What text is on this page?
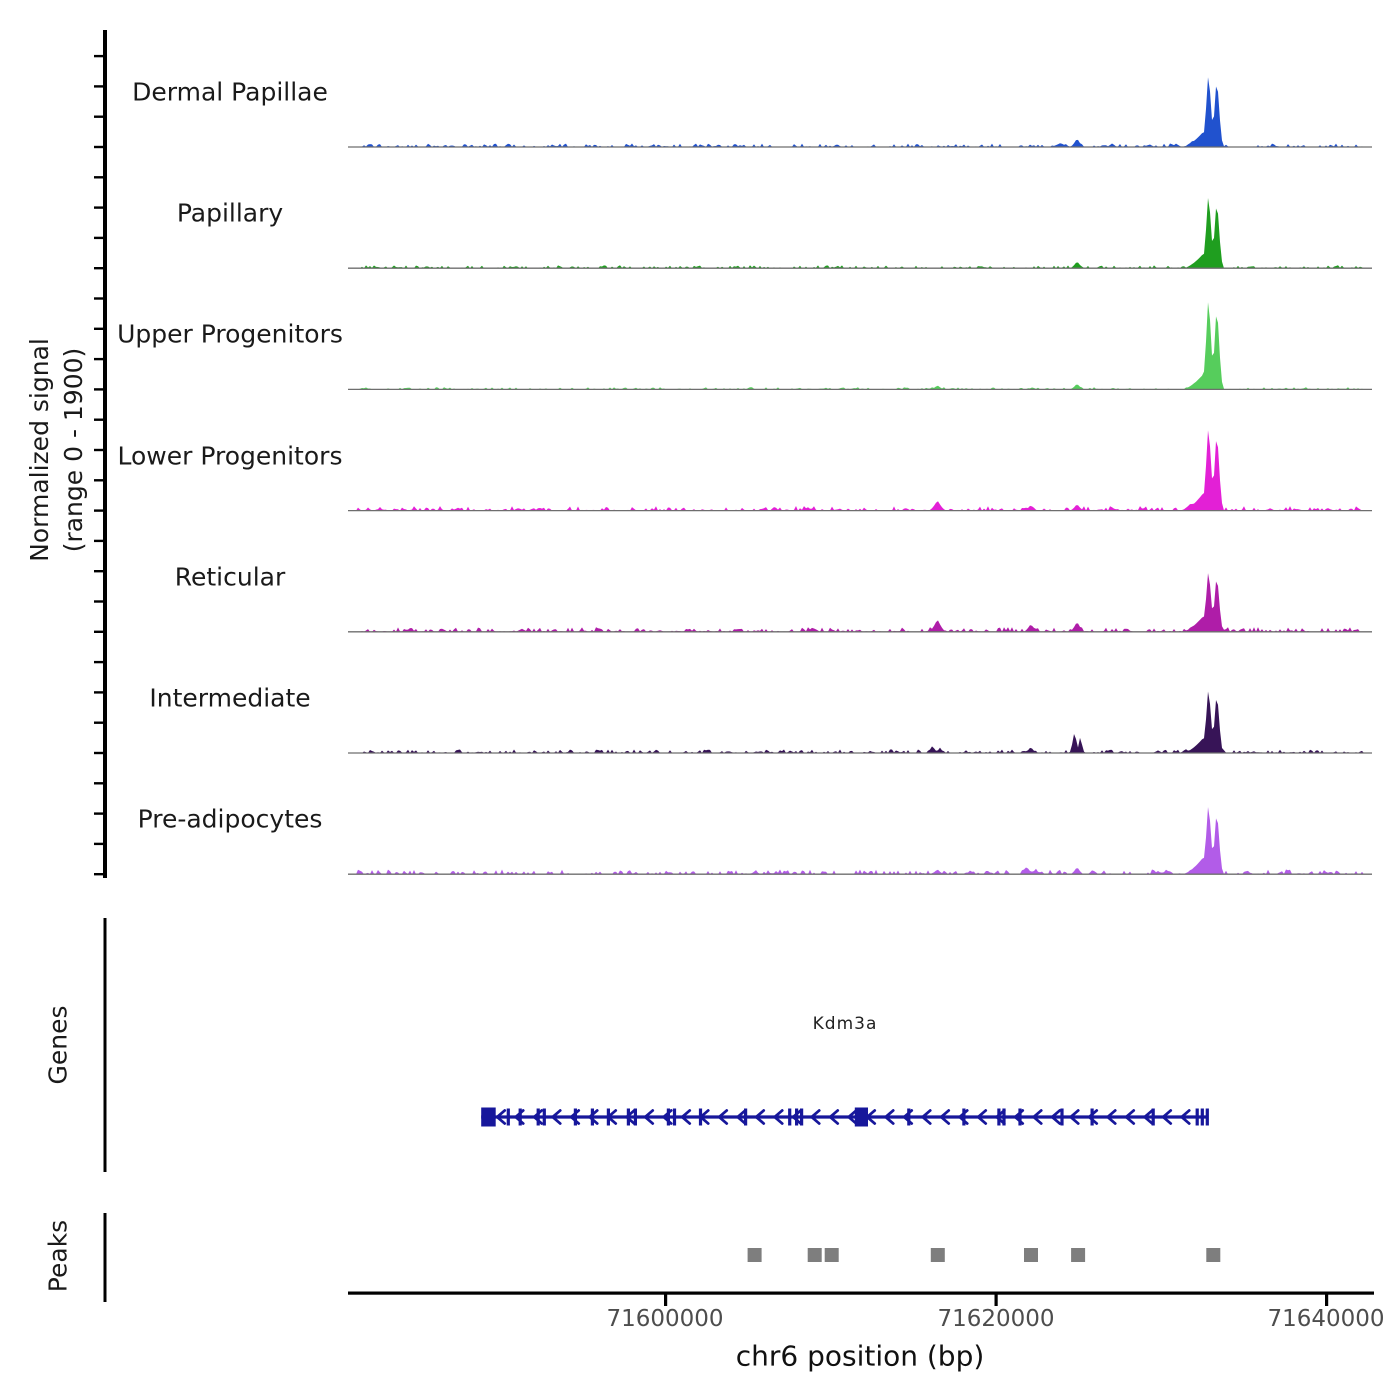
Normalized signal (range 0 - 1900)
Dermal Papillae
Papillary
Upper Progenitors
Lower Progenitors
Reticular
Intermediate
Pre-adipocytes
Genes
Peaks
Kdm3a
71600000	71620000	71640000
chr6 position (bp)
